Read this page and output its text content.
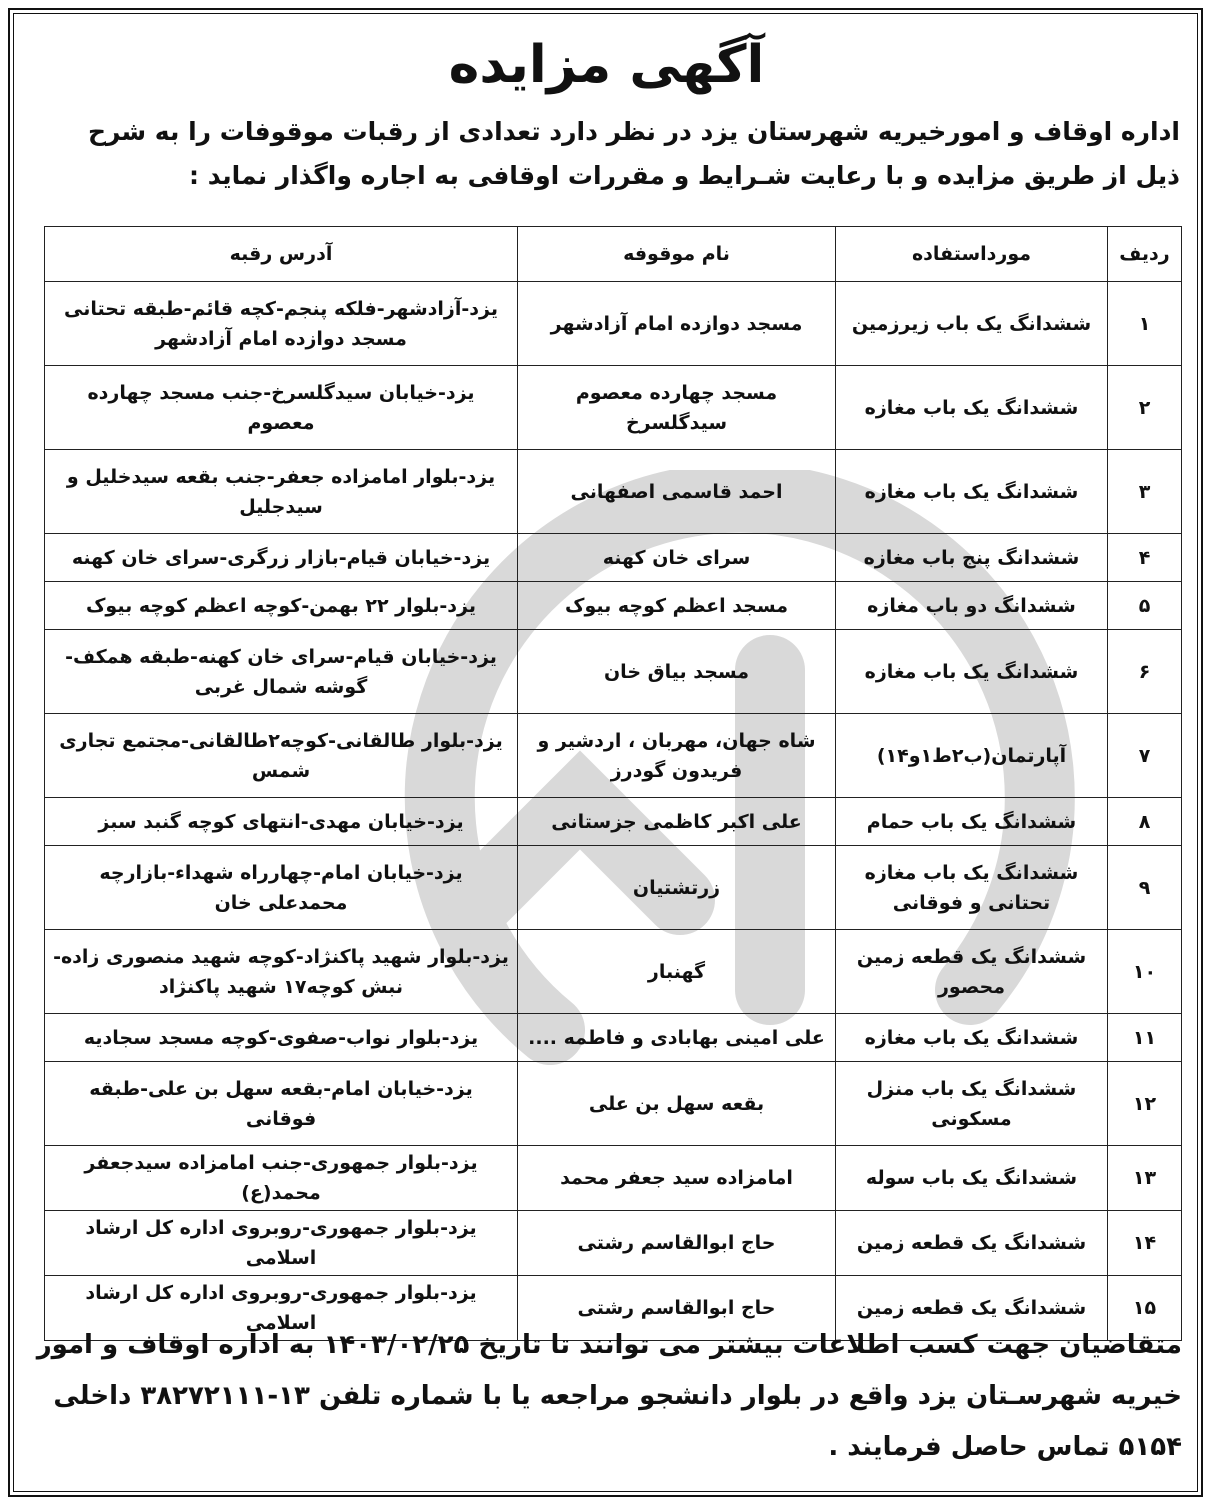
آگهی مزایده
اداره اوقاف و امورخیریه شهرستان یزد در نظر دارد تعدادی از رقبات موقوفات را به شرح ذیل از طریق مزایده و با رعایت شـرایط و مقررات اوقافی به اجاره واگذار نماید :
ردیف	مورداستفاده	نام موقوفه	آدرس رقبه
۱	ششدانگ یک باب زیرزمین	مسجد دوازده امام آزادشهر	یزد-آزادشهر-فلکه پنجم-کچه قائم-طبقه تحتانی مسجد دوازده امام آزادشهر
۲	ششدانگ یک باب مغازه	مسجد چهارده معصوم سیدگلسرخ	یزد-خیابان سیدگلسرخ-جنب مسجد چهارده معصوم
۳	ششدانگ یک باب مغازه	احمد قاسمی اصفهانی	یزد-بلوار امامزاده جعفر-جنب بقعه سیدخلیل و سیدجلیل
۴	ششدانگ پنج باب مغازه	سرای خان کهنه	یزد-خیابان قیام-بازار زرگری-سرای خان کهنه
۵	ششدانگ دو باب مغازه	مسجد اعظم کوچه بیوک	یزد-بلوار ۲۲ بهمن-کوچه اعظم کوچه بیوک
۶	ششدانگ یک باب مغازه	مسجد بیاق خان	یزد-خیابان قیام-سرای خان کهنه-طبقه همکف-گوشه شمال غربی
۷	آپارتمان(ب۲ط۱و۱۴)	شاه جهان، مهربان ، اردشیر و فریدون گودرز	یزد-بلوار طالقانی-کوچه۲طالقانی-مجتمع تجاری شمس
۸	ششدانگ یک باب حمام	علی اکبر کاظمی جزستانی	یزد-خیابان مهدی-انتهای کوچه گنبد سبز
۹	ششدانگ یک باب مغازه تحتانی و فوقانی	زرتشتیان	یزد-خیابان امام-چهارراه شهداء-بازارچه محمدعلی خان
۱۰	ششدانگ یک قطعه زمین محصور	گهنبار	یزد-بلوار شهید پاکنژاد-کوچه شهید منصوری زاده-نبش کوچه۱۷ شهید پاکنژاد
۱۱	ششدانگ یک باب مغازه	علی امینی بهابادی و فاطمه ....	یزد-بلوار نواب-صفوی-کوچه مسجد سجادیه
۱۲	ششدانگ یک باب منزل مسکونی	بقعه سهل بن علی	یزد-خیابان امام-بقعه سهل بن علی-طبقه فوقانی
۱۳	ششدانگ یک باب سوله	امامزاده سید جعفر محمد	یزد-بلوار جمهوری-جنب امامزاده سیدجعفر محمد(ع)
۱۴	ششدانگ یک قطعه زمین	حاج ابوالقاسم رشتی	یزد-بلوار جمهوری-روبروی اداره کل ارشاد اسلامی
۱۵	ششدانگ یک قطعه زمین	حاج ابوالقاسم رشتی	یزد-بلوار جمهوری-روبروی اداره کل ارشاد اسلامی
متقاضیان جهت کسب اطلاعات بیشتر می توانند تا تاریخ ۱۴۰۳/۰۲/۲۵ به اداره اوقاف و امور خیریه شهرسـتان یزد واقع در بلوار دانشجو مراجعه یا با شماره تلفن ۱۳-۳۸۲۷۲۱۱۱ داخلی ۵۱۵۴ تماس حاصل فرمایند .
